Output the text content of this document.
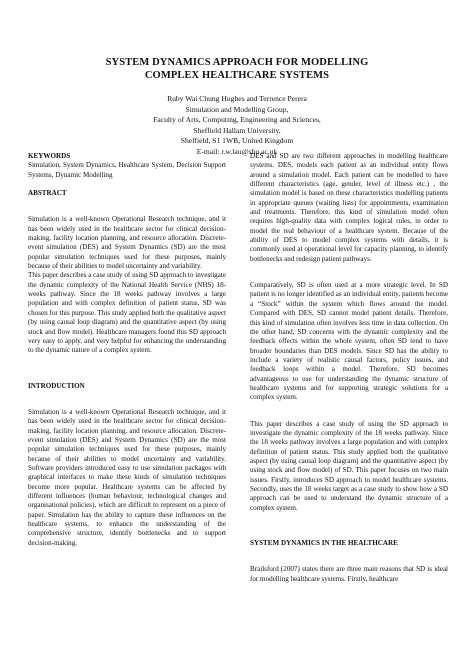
SYSTEM DYNAMICS APPROACH FOR MODELLING
COMPLEX HEALTHCARE SYSTEMS
Ruby Wai Chung Hughes and Terrence Perera
Simulation and Modelling Group,
Faculty of Arts, Computing, Engineering and Sciences,
Sheffield Hallam University,
Sheffield, S1 1WB, United Kingdom
E-mail: r.w.lau@shu.ac.uk
KEYWORDS

Simulation, System Dynamics, Healthcare System, Decision Support Systems, Dynamic Modelling

ABSTRACT

Simulation is a well-known Operational Research technique, and it has been widely used in the healthcare sector for clinical decision-making, facility location planning, and resource allocation. Discrete-event simulation (DES) and System Dynamics (SD) are the most popular simulation techniques used for these purposes, mainly because of their abilities to model uncertainty and variability.

This paper describes a case study of using SD approach to investigate the dynamic complexity of the National Health Service (NHS) 18-weeks pathway. Since the 18 weeks pathway involves a large population and with complex definition of patient status, SD was chosen for this purpose. This study applied both the qualitative aspect (by using causal loop diagram) and the quantitative aspect (by using stock and flow model). Healthcare managers found this SD approach very easy to apply, and very helpful for enhancing the understanding to the dynamic nature of a complex system.

INTRODUCTION

Simulation is a well-known Operational Research technique, and it has been widely used in the healthcare sector for clinical decision-making, facility location planning, and resource allocation. Discrete-event simulation (DES) and System Dynamics (SD) are the most popular simulation techniques used for these purposes, mainly because of their abilities to model uncertainty and variability. Software providers introduced easy to use simulation packages with graphical interfaces to make these kinds of simulation techniques become more popular. Healthcare systems can be affected by different influences (human behaviour, technological changes and organisational policies), which are difficult to represent on a piece of paper. Simulation has the ability to capture these influences on the healthcare systems, to enhance the understanding of the comprehensive structure, identify bottlenecks and to support decision-making.

DES and SD are two different approaches in modelling healthcare systems. DES, models each patient as an individual entity flows around a simulation model. Each patient can be modelled to have different characteristics (age, gender, level of illness etc.) , the simulation model is based on these characteristics modelling patients in appropriate queues (waiting lists) for appointments, examination and treatments. Therefore, this kind of simulation model often requires high-quality data with complex logical rules, in order to model the real behaviour of a healthcare system. Because of the ability of DES to model complex systems with details, it is commonly used at operational level for capacity planning, to identify bottlenecks and redesign patient pathways.

Comparatively, SD is often used at a more strategic level. In SD patient is no longer identified as an individual entity, patients become a “Stock” within the system which flows around the model. Compared with DES, SD cannot model patient details. Therefore, this kind of simulation often involves less time in data collection. On the other hand, SD concerns with the dynamic complexity and the feedback effects within the whole system, often SD tend to have broader boundaries than DES models. Since SD has the ability to include a variety of realistic causal factors, policy issues, and feedback loops within a model. Therefore, SD becomes advantageous to use for understanding the dynamic structure of healthcare systems and for supporting strategic solutions for a complex system.

This paper describes a case study of using the SD approach to investigate the dynamic complexity of the 18 weeks pathway. Since the 18 weeks pathway involves a large population and with complex definition of patient status. This study applied both the qualitative aspect (by using causal loop diagram) and the quantitative aspect (by using stock and flow model) of SD. This paper focuses on two main issues. Firstly, introduces SD approach to model healthcare systems. Secondly, uses the 18 weeks target as a case study to show how a SD approach can be used to understand the dynamic structure of a complex system.

SYSTEM DYNAMICS IN THE HEALTHCARE

Brailsford (2007) states there are three main reasons that SD is ideal for modelling healthcare systems. Firstly, healthcare
